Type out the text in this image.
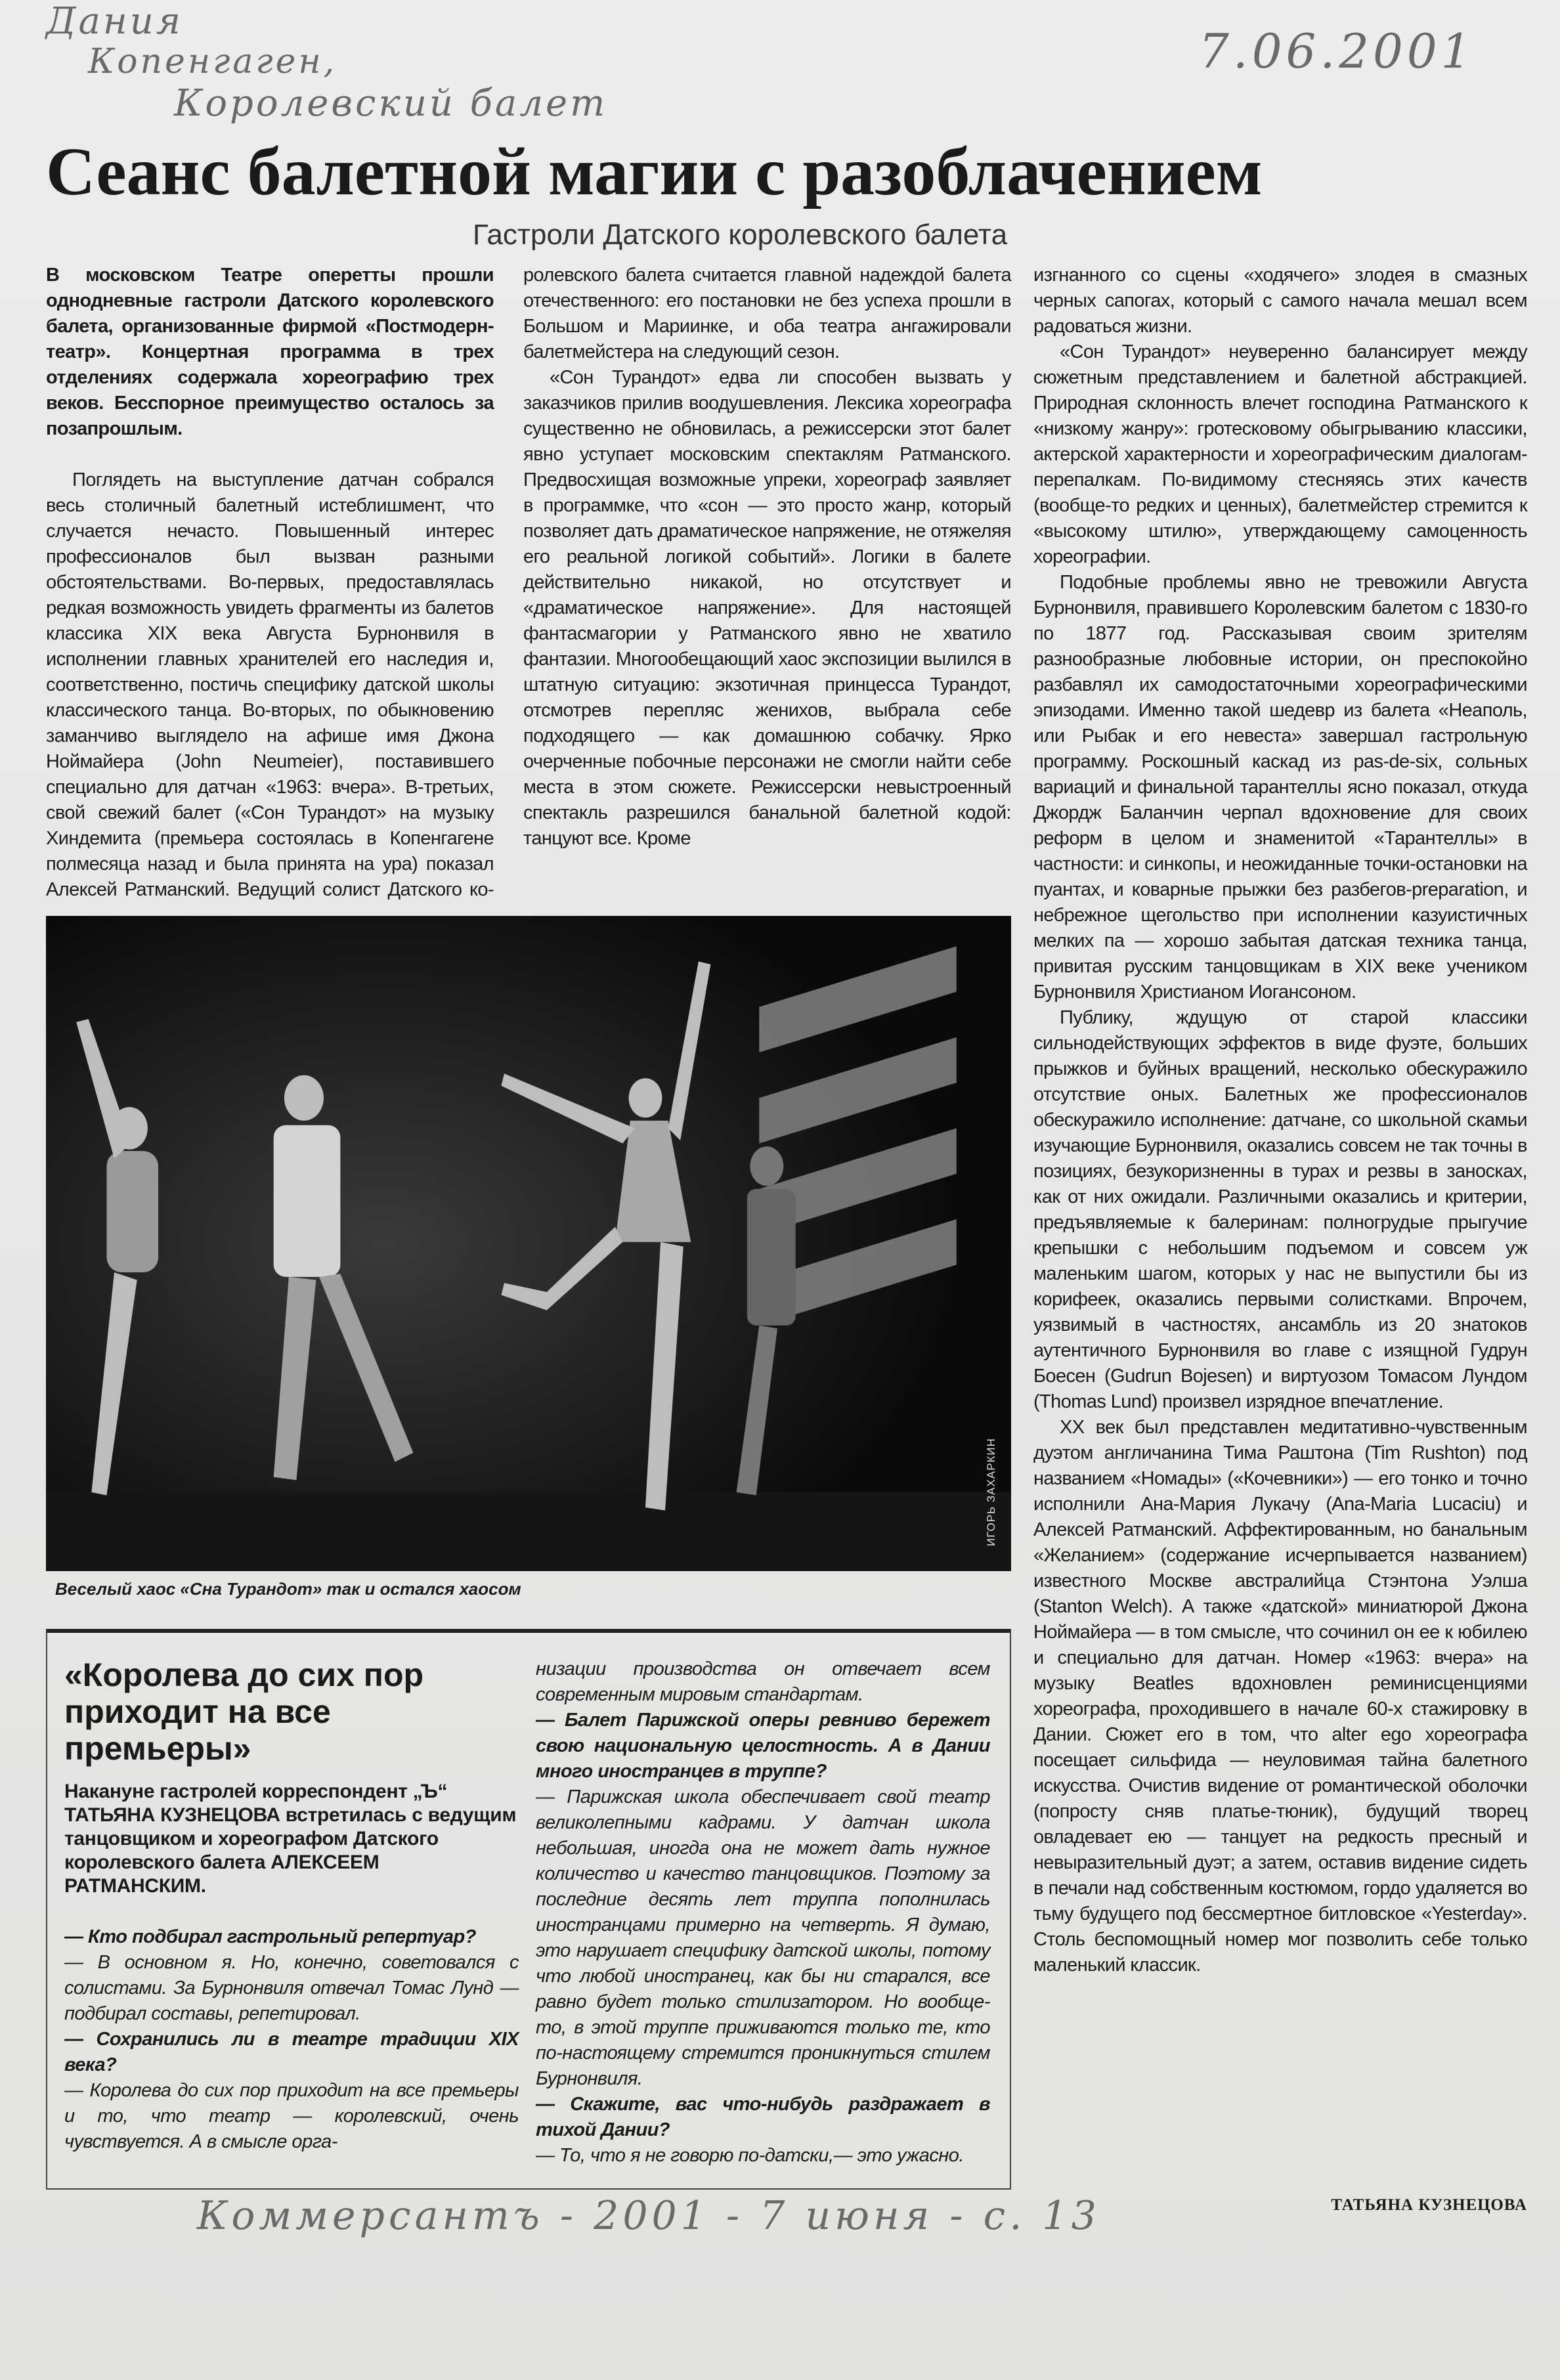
Дания
Копенгаген,
Королевский балет
7.06.2001
Сеанс балетной магии с разоблачением
Гастроли Датского королевского балета

В московском Театре оперетты прошли однодневные гастроли Датского королевского балета, организованные фирмой «Постмодерн-театр». Концертная программа в трех отделениях содержала хореографию трех веков. Бесспорное преимущество осталось за позапрошлым.

Поглядеть на выступление датчан собрался весь столичный балетный истеблишмент, что случается нечасто. Повышенный интерес профессионалов был вызван разными обстоятельствами. Во-первых, предоставлялась редкая возможность увидеть фрагменты из балетов классика XIX века Августа Бурнонвиля в исполнении главных хранителей его наследия и, соответственно, постичь специфику датской школы классического танца. Во-вторых, по обыкновению заманчиво выглядело на афише имя Джона Ноймайера (John Neumeier), поставившего специально для датчан «1963: вчера». В-третьих, свой свежий балет («Сон Турандот» на музыку Хиндемита (премьера состоялась в Копенгагене полмесяца назад и была принята на ура) показал Алексей Ратманский. Ведущий солист Датского ко-

ролевского балета считается главной надеждой балета отечественного: его постановки не без успеха прошли в Большом и Мариинке, и оба театра ангажировали балетмейстера на следующий сезон.

«Сон Турандот» едва ли способен вызвать у заказчиков прилив воодушевления. Лексика хореографа существенно не обновилась, а режиссерски этот балет явно уступает московским спектаклям Ратманского. Предвосхищая возможные упреки, хореограф заявляет в программке, что «сон — это просто жанр, который позволяет дать драматическое напряжение, не отяжеляя его реальной логикой событий». Логики в балете действительно никакой, но отсутствует и «драматическое напряжение». Для настоящей фантасмагории у Ратманского явно не хватило фантазии. Многообещающий хаос экспозиции вылился в штатную ситуацию: экзотичная принцесса Турандот, отсмотрев перепляс женихов, выбрала себе подходящего — как домашнюю собачку. Ярко очерченные побочные персонажи не смогли найти себе места в этом сюжете. Режиссерски невыстроенный спектакль разрешился банальной балетной кодой: танцуют все. Кроме

ИГОРЬ ЗАХАРКИН
Веселый хаос «Сна Турандот» так и остался хаосом
«Королева до сих пор приходит на все премьеры»
Накануне гастролей корреспондент „Ъ“ ТАТЬЯНА КУЗНЕЦОВА встретилась с ведущим танцовщиком и хореографом Датского королевского балета АЛЕКСЕЕМ РАТМАНСКИМ.

— Кто подбирал гастрольный репертуар?

— В основном я. Но, конечно, советовался с солистами. За Бурнонвиля отвечал Томас Лунд — подбирал составы, репетировал.

— Сохранились ли в театре традиции XIX века?

— Королева до сих пор приходит на все премьеры и то, что театр — королевский, очень чувствуется. А в смысле орга-

низации производства он отвечает всем современным мировым стандартам.

— Балет Парижской оперы ревниво бережет свою национальную целостность. А в Дании много иностранцев в труппе?

— Парижская школа обеспечивает свой театр великолепными кадрами. У датчан школа небольшая, иногда она не может дать нужное количество и качество танцовщиков. Поэтому за последние десять лет труппа пополнилась иностранцами примерно на четверть. Я думаю, это нарушает специфику датской школы, потому что любой иностранец, как бы ни старался, все равно будет только стилизатором. Но вообще-то, в этой труппе приживаются только те, кто по-настоящему стремится проникнуться стилем Бурнонвиля.

— Скажите, вас что-нибудь раздражает в тихой Дании?

— То, что я не говорю по-датски,— это ужасно.

изгнанного со сцены «ходячего» злодея в смазных черных сапогах, который с самого начала мешал всем радоваться жизни.

«Сон Турандот» неуверенно балансирует между сюжетным представлением и балетной абстракцией. Природная склонность влечет господина Ратманского к «низкому жанру»: гротесковому обыгрыванию классики, актерской характерности и хореографическим диалогам-перепалкам. По-видимому стесняясь этих качеств (вообще-то редких и ценных), балетмейстер стремится к «высокому штилю», утверждающему самоценность хореографии.

Подобные проблемы явно не тревожили Августа Бурнонвиля, правившего Королевским балетом с 1830-го по 1877 год. Рассказывая своим зрителям разнообразные любовные истории, он преспокойно разбавлял их самодостаточными хореографическими эпизодами. Именно такой шедевр из балета «Неаполь, или Рыбак и его невеста» завершал гастрольную программу. Роскошный каскад из pas-de-six, сольных вариаций и финальной тарантеллы ясно показал, откуда Джордж Баланчин черпал вдохновение для своих реформ в целом и знаменитой «Тарантеллы» в частности: и синкопы, и неожиданные точки-остановки на пуантах, и коварные прыжки без разбегов-preparation, и небрежное щегольство при исполнении казуистичных мелких па — хорошо забытая датская техника танца, привитая русским танцовщикам в XIX веке учеником Бурнонвиля Христианом Иогансоном.

Публику, ждущую от старой классики сильнодействующих эффектов в виде фуэте, больших прыжков и буйных вращений, несколько обескуражило отсутствие оных. Балетных же профессионалов обескуражило исполнение: датчане, со школьной скамьи изучающие Бурнонвиля, оказались совсем не так точны в позициях, безукоризненны в турах и резвы в заносках, как от них ожидали. Различными оказались и критерии, предъявляемые к балеринам: полногрудые прыгучие крепышки с небольшим подъемом и совсем уж маленьким шагом, которых у нас не выпустили бы из корифеек, оказались первыми солистками. Впрочем, уязвимый в частностях, ансамбль из 20 знатоков аутентичного Бурнонвиля во главе с изящной Гудрун Боесен (Gudrun Bojesen) и виртуозом Томасом Лундом (Thomas Lund) произвел изрядное впечатление.

XX век был представлен медитативно-чувственным дуэтом англичанина Тима Раштона (Tim Rushton) под названием «Номады» («Кочевники») — его тонко и точно исполнили Ана-Мария Лукачу (Ana-Maria Lucaciu) и Алексей Ратманский. Аффектированным, но банальным «Желанием» (содержание исчерпывается названием) известного Москве австралийца Стэнтона Уэлша (Stanton Welch). А также «датской» миниатюрой Джона Ноймайера — в том смысле, что сочинил он ее к юбилею и специально для датчан. Номер «1963: вчера» на музыку Beatles вдохновлен реминисценциями хореографа, проходившего в начале 60-х стажировку в Дании. Сюжет его в том, что alter ego хореографа посещает сильфида — неуловимая тайна балетного искусства. Очистив видение от романтической оболочки (попросту сняв платье-тюник), будущий творец овладевает ею — танцует на редкость пресный и невыразительный дуэт; а затем, оставив видение сидеть в печали над собственным костюмом, гордо удаляется во тьму будущего под бессмертное битловское «Yesterday». Столь беспомощный номер мог позволить себе только маленький классик.

Коммерсантъ - 2001 - 7 июня - с. 13	ТАТЬЯНА КУЗНЕЦОВА
